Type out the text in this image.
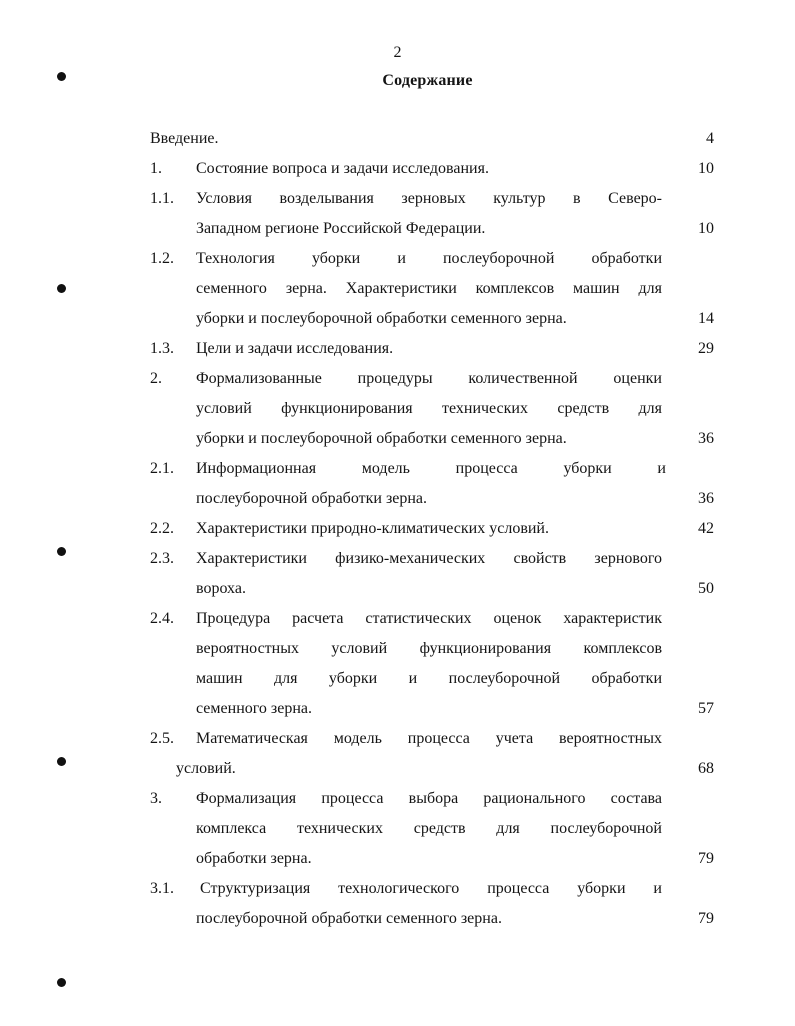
2
Содержание
Введение.	4
1. Состояние вопроса и задачи исследования.	10
1.1. Условия возделывания зерновых культур в Северо-
Западном регионе Российской Федерации.	10
1.2. Технология уборки и послеуборочной обработки
семенного зерна. Характеристики комплексов машин для
уборки и послеуборочной обработки семенного зерна.	14
1.3. Цели и задачи исследования.	29
2. Формализованные процедуры количественной оценки
условий функционирования технических средств для
уборки и послеуборочной обработки семенного зерна.	36
2.1. Информационная модель процесса уборки и
послеуборочной обработки зерна.	36
2.2. Характеристики природно-климатических условий.	42
2.3. Характеристики физико-механических свойств зернового
вороха.	50
2.4. Процедура расчета статистических оценок характеристик
вероятностных условий функционирования комплексов
машин для уборки и послеуборочной обработки
семенного зерна.	57
2.5. Математическая модель процесса учета вероятностных
условий.	68
3. Формализация процесса выбора рационального состава
комплекса технических средств для послеуборочной
обработки зерна.	79
3.1. Структуризация технологического процесса уборки и
послеуборочной обработки семенного зерна.	79
